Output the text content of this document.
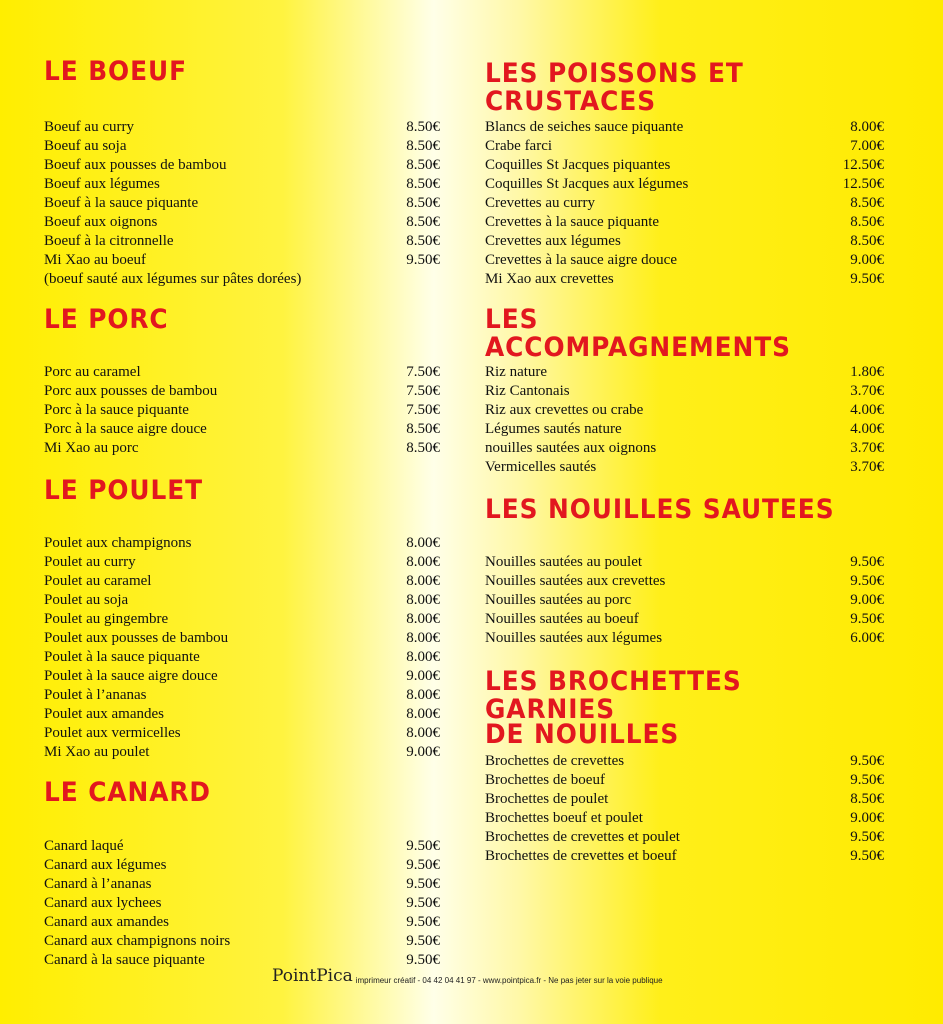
LE BOEUF
Boeuf au curry	8.50€
Boeuf au soja	8.50€
Boeuf aux pousses de bambou	8.50€
Boeuf aux légumes	8.50€
Boeuf à la sauce piquante	8.50€
Boeuf aux oignons	8.50€
Boeuf à la citronnelle	8.50€
Mi Xao au boeuf	9.50€
(boeuf sauté aux légumes sur pâtes dorées)
LE PORC
Porc au caramel	7.50€
Porc aux pousses de bambou	7.50€
Porc à la sauce piquante	7.50€
Porc à la sauce aigre douce	8.50€
Mi Xao au porc	8.50€
LE POULET
Poulet aux champignons	8.00€
Poulet au curry	8.00€
Poulet au caramel	8.00€
Poulet au soja	8.00€
Poulet au gingembre	8.00€
Poulet aux pousses de bambou	8.00€
Poulet à la sauce piquante	8.00€
Poulet à la sauce aigre douce	9.00€
Poulet à l’ananas	8.00€
Poulet aux amandes	8.00€
Poulet aux vermicelles	8.00€
Mi Xao au poulet	9.00€
LE CANARD
Canard laqué	9.50€
Canard aux légumes	9.50€
Canard à l’ananas	9.50€
Canard aux lychees	9.50€
Canard aux amandes	9.50€
Canard aux champignons noirs	9.50€
Canard à la sauce piquante	9.50€
LES POISSONS ET CRUSTACES
Blancs de seiches sauce piquante	8.00€
Crabe farci	7.00€
Coquilles St Jacques piquantes	12.50€
Coquilles St Jacques aux légumes	12.50€
Crevettes au curry	8.50€
Crevettes à la sauce piquante	8.50€
Crevettes aux légumes	8.50€
Crevettes à la sauce aigre douce	9.00€
Mi Xao aux crevettes	9.50€
LES ACCOMPAGNEMENTS
Riz nature	1.80€
Riz Cantonais	3.70€
Riz aux crevettes ou crabe	4.00€
Légumes sautés nature	4.00€
nouilles sautées aux oignons	3.70€
Vermicelles sautés	3.70€
LES NOUILLES SAUTEES
Nouilles sautées au poulet	9.50€
Nouilles sautées aux crevettes	9.50€
Nouilles sautées au porc	9.00€
Nouilles sautées au boeuf	9.50€
Nouilles sautées aux légumes	6.00€
LES BROCHETTES GARNIES
DE NOUILLES
Brochettes de crevettes	9.50€
Brochettes de boeuf	9.50€
Brochettes de poulet	8.50€
Brochettes boeuf et poulet	9.00€
Brochettes de crevettes et poulet	9.50€
Brochettes de crevettes et boeuf	9.50€
PointPica imprimeur créatif - 04 42 04 41 97 - www.pointpica.fr - Ne pas jeter sur la voie publique
